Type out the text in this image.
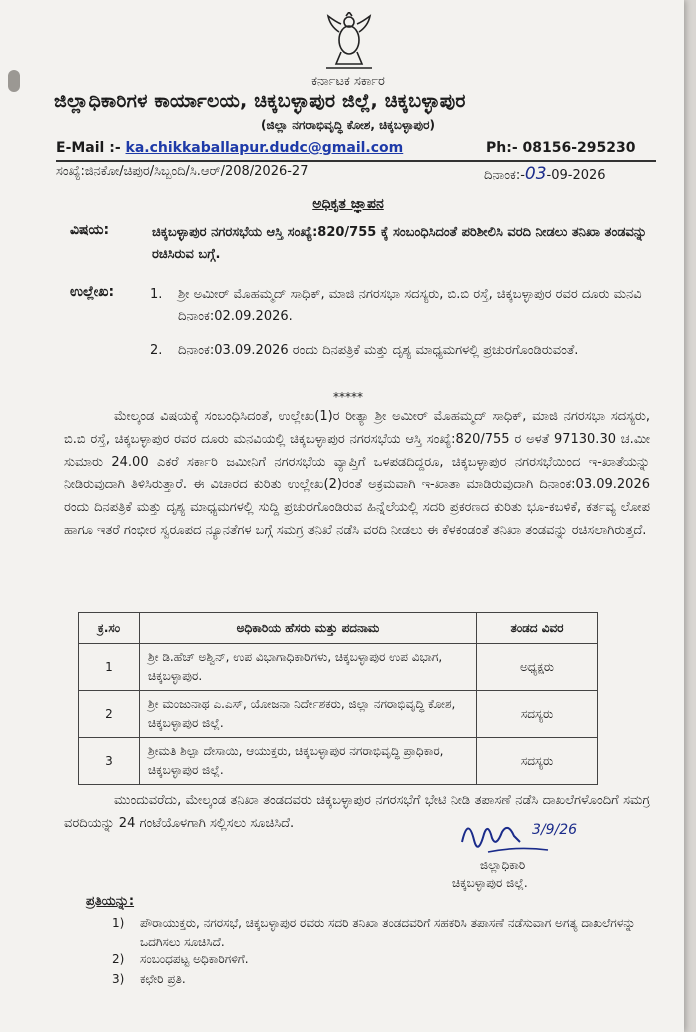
ಕರ್ನಾಟಕ ಸರ್ಕಾರ
ಜಿಲ್ಲಾಧಿಕಾರಿಗಳ ಕಾರ್ಯಾಲಯ, ಚಿಕ್ಕಬಳ್ಳಾಪುರ ಜಿಲ್ಲೆ, ಚಿಕ್ಕಬಳ್ಳಾಪುರ
(ಜಿಲ್ಲಾ ನಗರಾಭಿವೃದ್ಧಿ ಕೋಶ, ಚಿಕ್ಕಬಳ್ಳಾಪುರ)
E-Mail :- ka.chikkaballapur.dudc@gmail.com	Ph:- 08156-295230
ಸಂಖ್ಯೆ:ಜಿನಕೋ/ಚಿಪುರ/ಸಿಬ್ಬಂದಿ/ಸಿ.ಆರ್/208/2026-27	ದಿನಾಂಕ:-03-09-2026
ಅಧಿಕೃತ ಜ್ಞಾಪನ
ವಿಷಯ:	ಚಿಕ್ಕಬಳ್ಳಾಪುರ ನಗರಸಭೆಯ ಆಸ್ತಿ ಸಂಖ್ಯೆ:820/755 ಕ್ಕೆ ಸಂಬಂಧಿಸಿದಂತೆ ಪರಿಶೀಲಿಸಿ ವರದಿ ನೀಡಲು ತನಿಖಾ ತಂಡವನ್ನು ರಚಿಸಿರುವ ಬಗ್ಗೆ.
ಉಲ್ಲೇಖ:	1. ಶ್ರೀ ಅಮೀರ್ ಮೊಹಮ್ಮದ್ ಸಾಧಿಕ್, ಮಾಜಿ ನಗರಸಭಾ ಸದಸ್ಯರು, ಬಿ.ಬಿ ರಸ್ತೆ, ಚಿಕ್ಕಬಳ್ಳಾಪುರ ರವರ ದೂರು ಮನವಿ ದಿನಾಂಕ:02.09.2026.
2. ದಿನಾಂಕ:03.09.2026 ರಂದು ದಿನಪತ್ರಿಕೆ ಮತ್ತು ದೃಶ್ಯ ಮಾಧ್ಯಮಗಳಲ್ಲಿ ಪ್ರಚುರಗೊಂಡಿರುವಂತೆ.
*****
ಮೇಲ್ಕಂಡ ವಿಷಯಕ್ಕೆ ಸಂಬಂಧಿಸಿದಂತೆ, ಉಲ್ಲೇಖ(1)ರ ರೀತ್ಯಾ ಶ್ರೀ ಅಮೀರ್ ಮೊಹಮ್ಮದ್ ಸಾಧಿಕ್, ಮಾಜಿ ನಗರಸಭಾ ಸದಸ್ಯರು, ಬಿ.ಬಿ ರಸ್ತೆ, ಚಿಕ್ಕಬಳ್ಳಾಪುರ ರವರ ದೂರು ಮನವಿಯಲ್ಲಿ ಚಿಕ್ಕಬಳ್ಳಾಪುರ ನಗರಸಭೆಯ ಆಸ್ತಿ ಸಂಖ್ಯೆ:820/755 ರ ಅಳತೆ 97130.30 ಚ.ಮೀ ಸುಮಾರು 24.00 ಎಕರೆ ಸರ್ಕಾರಿ ಜಮೀನಿಗೆ ನಗರಸಭೆಯ ವ್ಯಾಪ್ತಿಗೆ ಒಳಪಡದಿದ್ದರೂ, ಚಿಕ್ಕಬಳ್ಳಾಪುರ ನಗರಸಭೆಯಿಂದ ಇ-ಖಾತೆಯನ್ನು ನೀಡಿರುವುದಾಗಿ ತಿಳಿಸಿರುತ್ತಾರೆ. ಈ ವಿಚಾರದ ಕುರಿತು ಉಲ್ಲೇಖ(2)ರಂತೆ ಅಕ್ರಮವಾಗಿ ಇ-ಖಾತಾ ಮಾಡಿರುವುದಾಗಿ ದಿನಾಂಕ:03.09.2026 ರಂದು ದಿನಪತ್ರಿಕೆ ಮತ್ತು ದೃಶ್ಯ ಮಾಧ್ಯಮಗಳಲ್ಲಿ ಸುದ್ದಿ ಪ್ರಚುರಗೊಂಡಿರುವ ಹಿನ್ನೆಲೆಯಲ್ಲಿ ಸದರಿ ಪ್ರಕರಣದ ಕುರಿತು ಭೂ-ಕಬಳಿಕೆ, ಕರ್ತವ್ಯ ಲೋಪ ಹಾಗೂ ಇತರೆ ಗಂಭೀರ ಸ್ವರೂಪದ ನ್ಯೂನತೆಗಳ ಬಗ್ಗೆ ಸಮಗ್ರ ತನಿಖೆ ನಡೆಸಿ ವರದಿ ನೀಡಲು ಈ ಕೆಳಕಂಡಂತೆ ತನಿಖಾ ತಂಡವನ್ನು ರಚಿಸಲಾಗಿರುತ್ತದೆ.
ಕ್ರ.ಸಂ	ಅಧಿಕಾರಿಯ ಹೆಸರು ಮತ್ತು ಪದನಾಮ	ತಂಡದ ವಿವರ
1	ಶ್ರೀ ಡಿ.ಹೆಚ್ ಅಶ್ವಿನ್, ಉಪ ವಿಭಾಗಾಧಿಕಾರಿಗಳು, ಚಿಕ್ಕಬಳ್ಳಾಪುರ ಉಪ ವಿಭಾಗ, ಚಿಕ್ಕಬಳ್ಳಾಪುರ.	ಅಧ್ಯಕ್ಷರು
2	ಶ್ರೀ ಮಂಜುನಾಥ ಎ.ಎಸ್, ಯೋಜನಾ ನಿರ್ದೇಶಕರು, ಜಿಲ್ಲಾ ನಗರಾಭಿವೃದ್ಧಿ ಕೋಶ, ಚಿಕ್ಕಬಳ್ಳಾಪುರ ಜಿಲ್ಲೆ.	ಸದಸ್ಯರು
3	ಶ್ರೀಮತಿ ಶಿಲ್ಪಾ ದೇಸಾಯಿ, ಆಯುಕ್ತರು, ಚಿಕ್ಕಬಳ್ಳಾಪುರ ನಗರಾಭಿವೃದ್ಧಿ ಪ್ರಾಧಿಕಾರ, ಚಿಕ್ಕಬಳ್ಳಾಪುರ ಜಿಲ್ಲೆ.	ಸದಸ್ಯರು
ಮುಂದುವರೆದು, ಮೇಲ್ಕಂಡ ತನಿಖಾ ತಂಡದವರು ಚಿಕ್ಕಬಳ್ಳಾಪುರ ನಗರಸಭೆಗೆ ಭೇಟಿ ನೀಡಿ ತಪಾಸಣೆ ನಡೆಸಿ ದಾಖಲೆಗಳೊಂದಿಗೆ ಸಮಗ್ರ ವರದಿಯನ್ನು 24 ಗಂಟೆಯೊಳಗಾಗಿ ಸಲ್ಲಿಸಲು ಸೂಚಿಸಿದೆ.	3/9/26
ಜಿಲ್ಲಾಧಿಕಾರಿ
ಚಿಕ್ಕಬಳ್ಳಾಪುರ ಜಿಲ್ಲೆ.
ಪ್ರತಿಯನ್ನು:
1) ಪೌರಾಯುಕ್ತರು, ನಗರಸಭೆ, ಚಿಕ್ಕಬಳ್ಳಾಪುರ ರವರು ಸದರಿ ತನಿಖಾ ತಂಡದವರಿಗೆ ಸಹಕರಿಸಿ ತಪಾಸಣೆ ನಡೆಸುವಾಗ ಅಗತ್ಯ ದಾಖಲೆಗಳನ್ನು ಒದಗಿಸಲು ಸೂಚಿಸಿದೆ.
2) ಸಂಬಂಧಪಟ್ಟ ಅಧಿಕಾರಿಗಳಿಗೆ.
3) ಕಛೇರಿ ಪ್ರತಿ.
